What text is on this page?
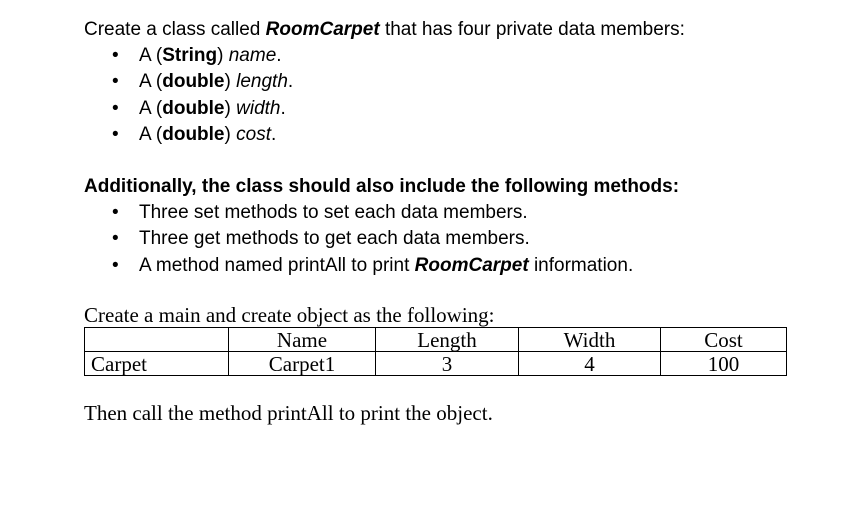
Create a class called RoomCarpet that has four private data members:
• A (String) name.
• A (double) length.
• A (double) width.
• A (double) cost.
Additionally, the class should also include the following methods:
• Three set methods to set each data members.
• Three get methods to get each data members.
• A method named printAll to print RoomCarpet information.
Create a main and create object as the following:
	Name	Length	Width	Cost
Carpet	Carpet1	3	4	100
Then call the method printAll to print the object.
